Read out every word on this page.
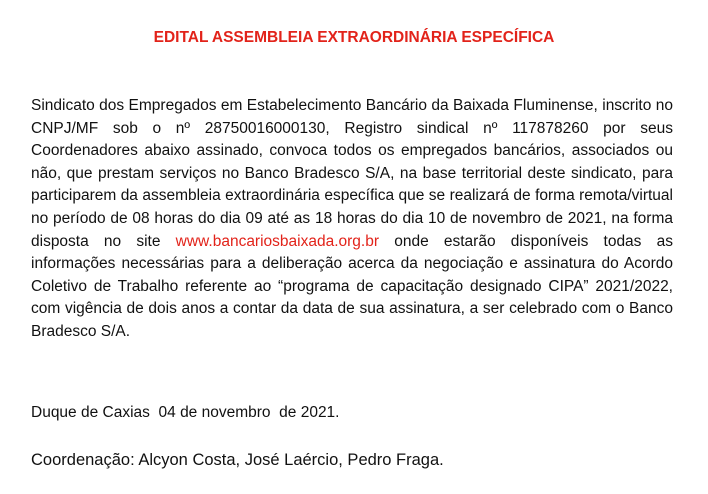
EDITAL ASSEMBLEIA EXTRAORDINÁRIA ESPECÍFICA

Sindicato dos Empregados em Estabelecimento Bancário da Baixada Fluminense, inscrito no CNPJ/MF sob o nº 28750016000130, Registro sindical nº 117878260 por seus Coordenadores abaixo assinado, convoca todos os empregados bancários, associados ou não, que prestam serviços no Banco Bradesco S/A, na base territorial deste sindicato, para participarem da assembleia extraordinária específica que se realizará de forma remota/virtual no período de 08 horas do dia 09 até as 18 horas do dia 10 de novembro de 2021, na forma disposta no site www.bancariosbaixada.org.br onde estarão disponíveis todas as informações necessárias para a deliberação acerca da negociação e assinatura do Acordo Coletivo de Trabalho referente ao “programa de capacitação designado CIPA” 2021/2022, com vigência de dois anos a contar da data de sua assinatura, a ser celebrado com o Banco Bradesco S/A.

Duque de Caxias  04 de novembro  de 2021.
Coordenação: Alcyon Costa, José Laércio, Pedro Fraga.
